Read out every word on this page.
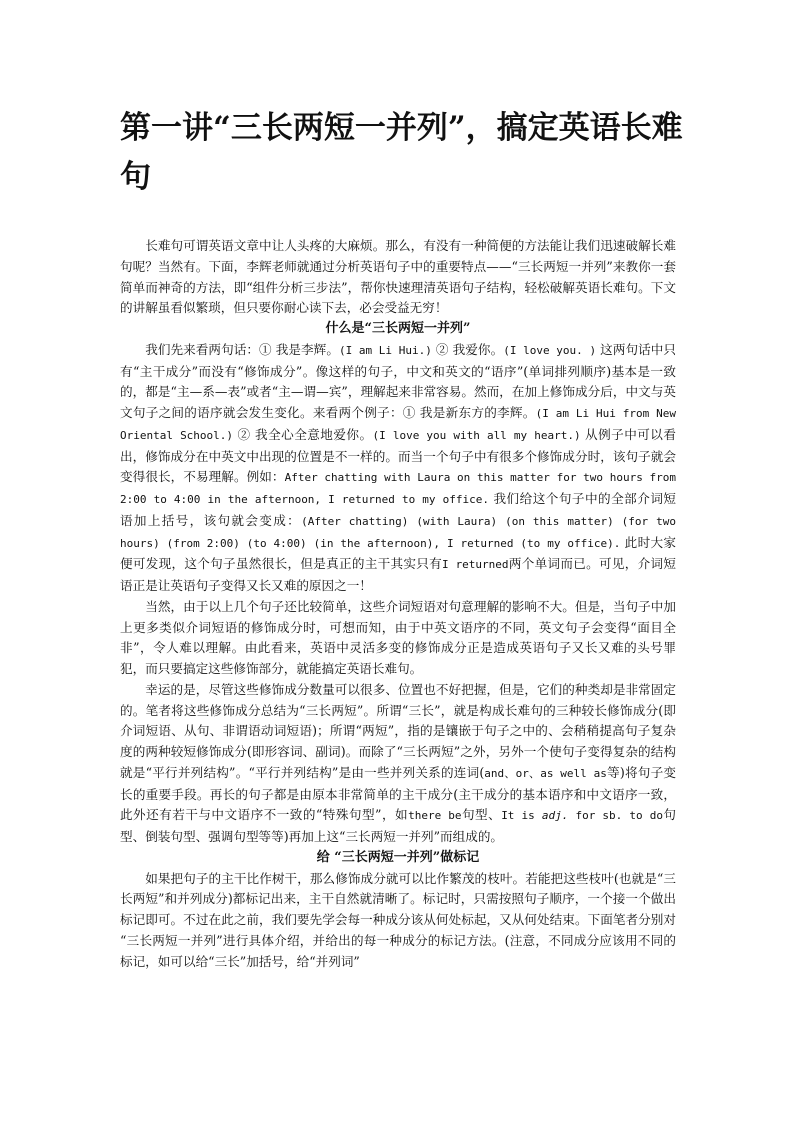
第一讲“三长两短一并列”，搞定英语长难句

长难句可谓英语文章中让人头疼的大麻烦。那么，有没有一种简便的方法能让我们迅速破解长难句呢？当然有。下面，李辉老师就通过分析英语句子中的重要特点——“三长两短一并列”来教你一套简单而神奇的方法，即“组件分析三步法”，帮你快速理清英语句子结构，轻松破解英语长难句。下文的讲解虽看似繁琐，但只要你耐心读下去，必会受益无穷！

什么是“三长两短一并列”

我们先来看两句话：① 我是李辉。(I am Li Hui.) ② 我爱你。(I love you. ) 这两句话中只有“主干成分”而没有“修饰成分”。像这样的句子，中文和英文的“语序”(单词排列顺序)基本是一致的，都是“主—系—表”或者“主—谓—宾”，理解起来非常容易。然而，在加上修饰成分后，中文与英文句子之间的语序就会发生变化。来看两个例子：① 我是新东方的李辉。(I am Li Hui from New Oriental School.) ② 我全心全意地爱你。(I love you with all my heart.) 从例子中可以看出，修饰成分在中英文中出现的位置是不一样的。而当一个句子中有很多个修饰成分时，该句子就会变得很长，不易理解。例如：After chatting with Laura on this matter for two hours from 2:00 to 4:00 in the afternoon, I returned to my office. 我们给这个句子中的全部介词短语加上括号，该句就会变成：(After chatting) (with Laura) (on this matter) (for two hours) (from 2:00) (to 4:00) (in the afternoon), I returned (to my office). 此时大家便可发现，这个句子虽然很长，但是真正的主干其实只有I returned两个单词而已。可见，介词短语正是让英语句子变得又长又难的原因之一！

当然，由于以上几个句子还比较简单，这些介词短语对句意理解的影响不大。但是，当句子中加上更多类似介词短语的修饰成分时，可想而知，由于中英文语序的不同，英文句子会变得“面目全非”，令人难以理解。由此看来，英语中灵活多变的修饰成分正是造成英语句子又长又难的头号罪犯，而只要搞定这些修饰部分，就能搞定英语长难句。

幸运的是，尽管这些修饰成分数量可以很多、位置也不好把握，但是，它们的种类却是非常固定的。笔者将这些修饰成分总结为“三长两短”。所谓“三长”，就是构成长难句的三种较长修饰成分(即介词短语、从句、非谓语动词短语)；所谓“两短”，指的是镶嵌于句子之中的、会稍稍提高句子复杂度的两种较短修饰成分(即形容词、副词)。而除了“三长两短”之外，另外一个使句子变得复杂的结构就是“平行并列结构”。“平行并列结构”是由一些并列关系的连词(and、or、as well as等)将句子变长的重要手段。再长的句子都是由原本非常简单的主干成分(主干成分的基本语序和中文语序一致，此外还有若干与中文语序不一致的“特殊句型”，如there be句型、It is adj. for sb. to do句型、倒装句型、强调句型等等)再加上这“三长两短一并列”而组成的。

给 “三长两短一并列”做标记

如果把句子的主干比作树干，那么修饰成分就可以比作繁茂的枝叶。若能把这些枝叶(也就是“三长两短”和并列成分)都标记出来，主干自然就清晰了。标记时，只需按照句子顺序，一个接一个做出标记即可。不过在此之前，我们要先学会每一种成分该从何处标起，又从何处结束。下面笔者分别对 “三长两短一并列”进行具体介绍，并给出的每一种成分的标记方法。(注意，不同成分应该用不同的标记，如可以给“三长”加括号，给“并列词”
